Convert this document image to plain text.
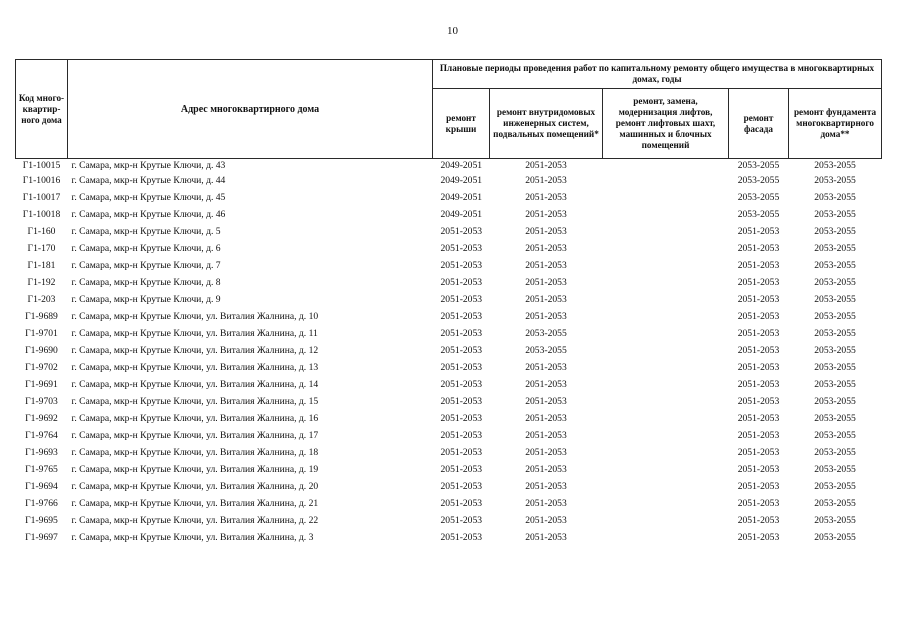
10
Код много-квартир-ного дома	Адрес многоквартирного дома	Плановые периоды проведения работ по капитальному ремонту общего имущества в многоквартирных домах, годы				
		ремонт крыши	ремонт внутридомовых инженерных систем, подвальных помещений*	ремонт, замена, модернизация лифтов, ремонт лифтовых шахт, машинных и блочных помещений	ремонт фасада	ремонт фундамента многоквартирного дома**
Г1-10015	г. Самара, мкр-н Крутые Ключи, д. 43	2049-2051	2051-2053		2053-2055	2053-2055
Г1-10016	г. Самара, мкр-н Крутые Ключи, д. 44	2049-2051	2051-2053		2053-2055	2053-2055
Г1-10017	г. Самара, мкр-н Крутые Ключи, д. 45	2049-2051	2051-2053		2053-2055	2053-2055
Г1-10018	г. Самара, мкр-н Крутые Ключи, д. 46	2049-2051	2051-2053		2053-2055	2053-2055
Г1-160	г. Самара, мкр-н Крутые Ключи, д. 5	2051-2053	2051-2053		2051-2053	2053-2055
Г1-170	г. Самара, мкр-н Крутые Ключи, д. 6	2051-2053	2051-2053		2051-2053	2053-2055
Г1-181	г. Самара, мкр-н Крутые Ключи, д. 7	2051-2053	2051-2053		2051-2053	2053-2055
Г1-192	г. Самара, мкр-н Крутые Ключи, д. 8	2051-2053	2051-2053		2051-2053	2053-2055
Г1-203	г. Самара, мкр-н Крутые Ключи, д. 9	2051-2053	2051-2053		2051-2053	2053-2055
Г1-9689	г. Самара, мкр-н Крутые Ключи, ул. Виталия Жалнина, д. 10	2051-2053	2051-2053		2051-2053	2053-2055
Г1-9701	г. Самара, мкр-н Крутые Ключи, ул. Виталия Жалнина, д. 11	2051-2053	2053-2055		2051-2053	2053-2055
Г1-9690	г. Самара, мкр-н Крутые Ключи, ул. Виталия Жалнина, д. 12	2051-2053	2053-2055		2051-2053	2053-2055
Г1-9702	г. Самара, мкр-н Крутые Ключи, ул. Виталия Жалнина, д. 13	2051-2053	2051-2053		2051-2053	2053-2055
Г1-9691	г. Самара, мкр-н Крутые Ключи, ул. Виталия Жалнина, д. 14	2051-2053	2051-2053		2051-2053	2053-2055
Г1-9703	г. Самара, мкр-н Крутые Ключи, ул. Виталия Жалнина, д. 15	2051-2053	2051-2053		2051-2053	2053-2055
Г1-9692	г. Самара, мкр-н Крутые Ключи, ул. Виталия Жалнина, д. 16	2051-2053	2051-2053		2051-2053	2053-2055
Г1-9764	г. Самара, мкр-н Крутые Ключи, ул. Виталия Жалнина, д. 17	2051-2053	2051-2053		2051-2053	2053-2055
Г1-9693	г. Самара, мкр-н Крутые Ключи, ул. Виталия Жалнина, д. 18	2051-2053	2051-2053		2051-2053	2053-2055
Г1-9765	г. Самара, мкр-н Крутые Ключи, ул. Виталия Жалнина, д. 19	2051-2053	2051-2053		2051-2053	2053-2055
Г1-9694	г. Самара, мкр-н Крутые Ключи, ул. Виталия Жалнина, д. 20	2051-2053	2051-2053		2051-2053	2053-2055
Г1-9766	г. Самара, мкр-н Крутые Ключи, ул. Виталия Жалнина, д. 21	2051-2053	2051-2053		2051-2053	2053-2055
Г1-9695	г. Самара, мкр-н Крутые Ключи, ул. Виталия Жалнина, д. 22	2051-2053	2051-2053		2051-2053	2053-2055
Г1-9697	г. Самара, мкр-н Крутые Ключи, ул. Виталия Жалнина, д. 3	2051-2053	2051-2053		2051-2053	2053-2055
